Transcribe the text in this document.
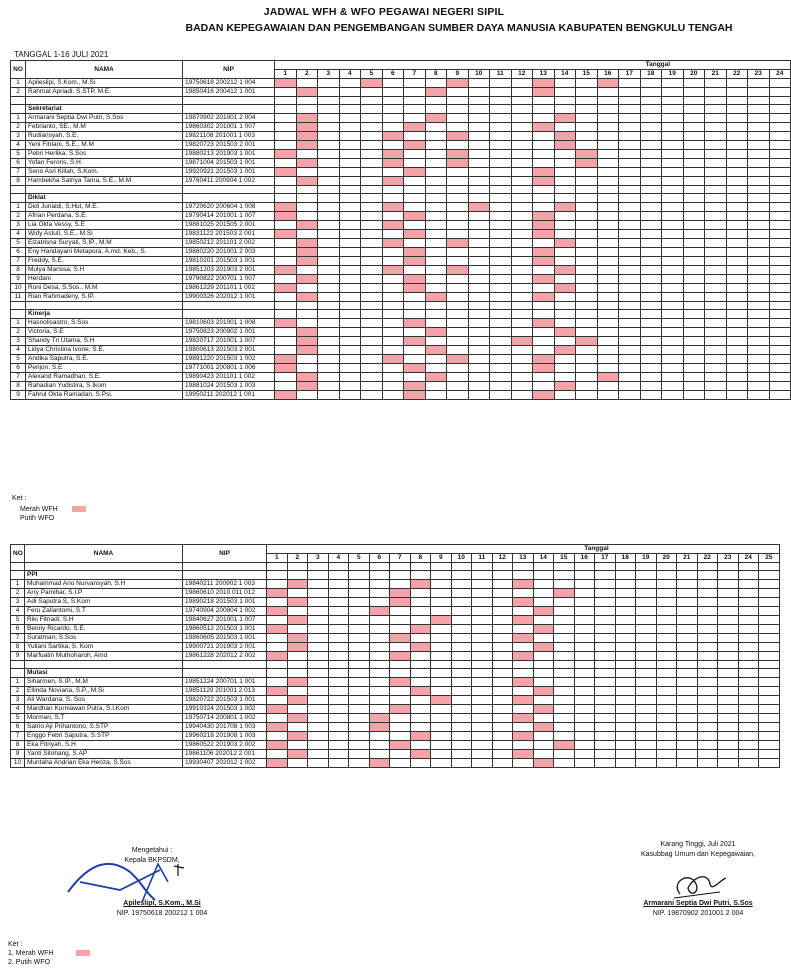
JADWAL WFH & WFO PEGAWAI NEGERI SIPIL
BADAN KEPEGAWAIAN DAN PENGEMBANGAN SUMBER DAYA MANUSIA KABUPATEN BENGKULU TENGAH
TANGGAL 1-16 JULI 2021
NO	NAMA	NIP	Tanggal																							
			1	2	3	4	5	6	7	8	9	10	11	12	13	14	15	16	17	18	19	20	21	22	23	24
1	Apileslipi, S.Kom., M.Si	19750618 200212 1 004																								
2	Rahmat Apriadi, S.STP, M.E.	19850416 200412 1 001																								

	Sekretariat																									
1	Armarani Septia Dwi Putri, S.Sos	19870902 201001 2 004																								
2	Febrianto, SE., M.M	19860302 201001 1 007																								
3	Rudiansyah, S.E.	19821108 201001 1 003																								
4	Yeni Fitriani, S.E., M.M	19820723 201503 2 001																								
5	Pebri Herlika, S.Sos	19880213 201903 1 001																								
6	Yofan Feroris, S.H.	19871004 201503 1 001																								
7	Seno Asri Killah, S.Kom.	19920921 201503 1 001																								
8	Hambekha Satriya Tama, S.E., M.M	19760411 200904 1 002																								

	Diklat																									
1	Didi Junaidi, S.Hut, M.E.	19720620 200604 1 008																								
2	Afrian Perdana, S.E.	19790414 201001 1 007																								
3	Lia Okta Vessy, S.E	19881025 201505 2 001																								
4	Widy Astuti, S.E., M.Si	19831122 201503 2 001																								
5	Elzatrisna Suryati, S.IP., M.M	19850212 201101 2 002																								
6	Eny Handayani Metapora, A.md. Keb., S.	19880220 201001 2 003																								
7	Freddy, S.E.	19810201 201503 1 001																								
8	Mulya Marissa, S.H	19851203 201903 2 001																								
9	Herdani	19790822 200701 1 007																								
10	Roni Desa, S.Sos., M.M	19861229 201101 1 002																								
11	Rian Rahmadeny, S.IP.	19900326 202012 1 001																								

	Kinerja																									
1	Hasnolisastro, S.Sos	19810603 201001 1 008																								
2	Victoria, S.E	19750823 200902 1 001																								
3	Shandy Tri Utama, S.H	19820717 201001 1 007																								
4	Lidya Christina Ivone, S.E.	19800613 201503 2 001																								
5	Andika Saputra, S.E.	19891220 201503 1 002																								
6	Perijon, S.E	19771001 200801 1 006																								
7	Alexand Ramadhan, S.E.	19890423 201101 1 002																								
8	Rahadian Yudistira, S.Ikom	19881024 201503 1 003																								
9	Fahrul Okta Ramadan, S.Psi.	19950211 202012 1 001																								
Ket :
Merah WFH
Putih WFO
NO	NAMA	NIP	Tanggal																								
			1	2	3	4	5	6	7	8	9	10	11	12	13	14	15	16	17	18	19	20	21	22	23	24	25

	PPI																										
1	Muhammad Ario Nurvansyah, S.H	19840211 200902 1 003																									
2	Arry Pamihar, S.I.P	19860610 2010 011 012																									
3	Adi Saputra S, S.Kom	19890218 201503 1 001																									
4	Feru Zaliantomi, S.T	19740904 200804 1 002																									
5	Riki Fitriadi, S.H	19840627 201001 1 007																									
6	Benny Ricardo, S.E.	19860512 201503 1 001																									
7	Suratman, S.Sos	19860605 201503 1 001																									
8	Yuliani Sartika, S. Kom	19900721 201903 2 001																									
9	Marfuatin Muthoharoh, Amd	19861228 202012 2 002																									

	Mutasi																										
1	Siharmen, S.IP., M.M	19851224 200701 1 001																									
2	Ellinda Noviana, S.P., M.Si	19851129 201001 2 013																									
3	Ali Wardana, S. Sos	19820722 201503 1 001																									
4	Mardhan Kurniawan Putra, S.I.Kom	19910324 201503 1 002																									
5	Morman, S.T	19750714 200801 1 002																									
6	Satrio Aji Prihantono, S.STP	19940430 201708 1 003																									
7	Enggo Febri Saputra, S.STP	19960218 201908 1 003																									
8	Eka Fitriyah, S.H	19860522 201903 2 002																									
9	Yanti Sitohang, S.AP	19861106 202012 2 001																									
10	Muntaha Andrian Eka Heriza, S.Sos	19930407 202012 1 002																									
Mengetahui :
Kepala BKPSDM,
Apileslipi, S.Kom., M.Si
NIP. 19750618 200212 1 004
Karang Tinggi, Juli 2021
Kasubbag Umum dan Kepegawaian,
Armarani Septia Dwi Putri, S.Sos
NIP. 19870902 201001 2 004
Ket :
1. Merah WFH
2. Putih WFO
